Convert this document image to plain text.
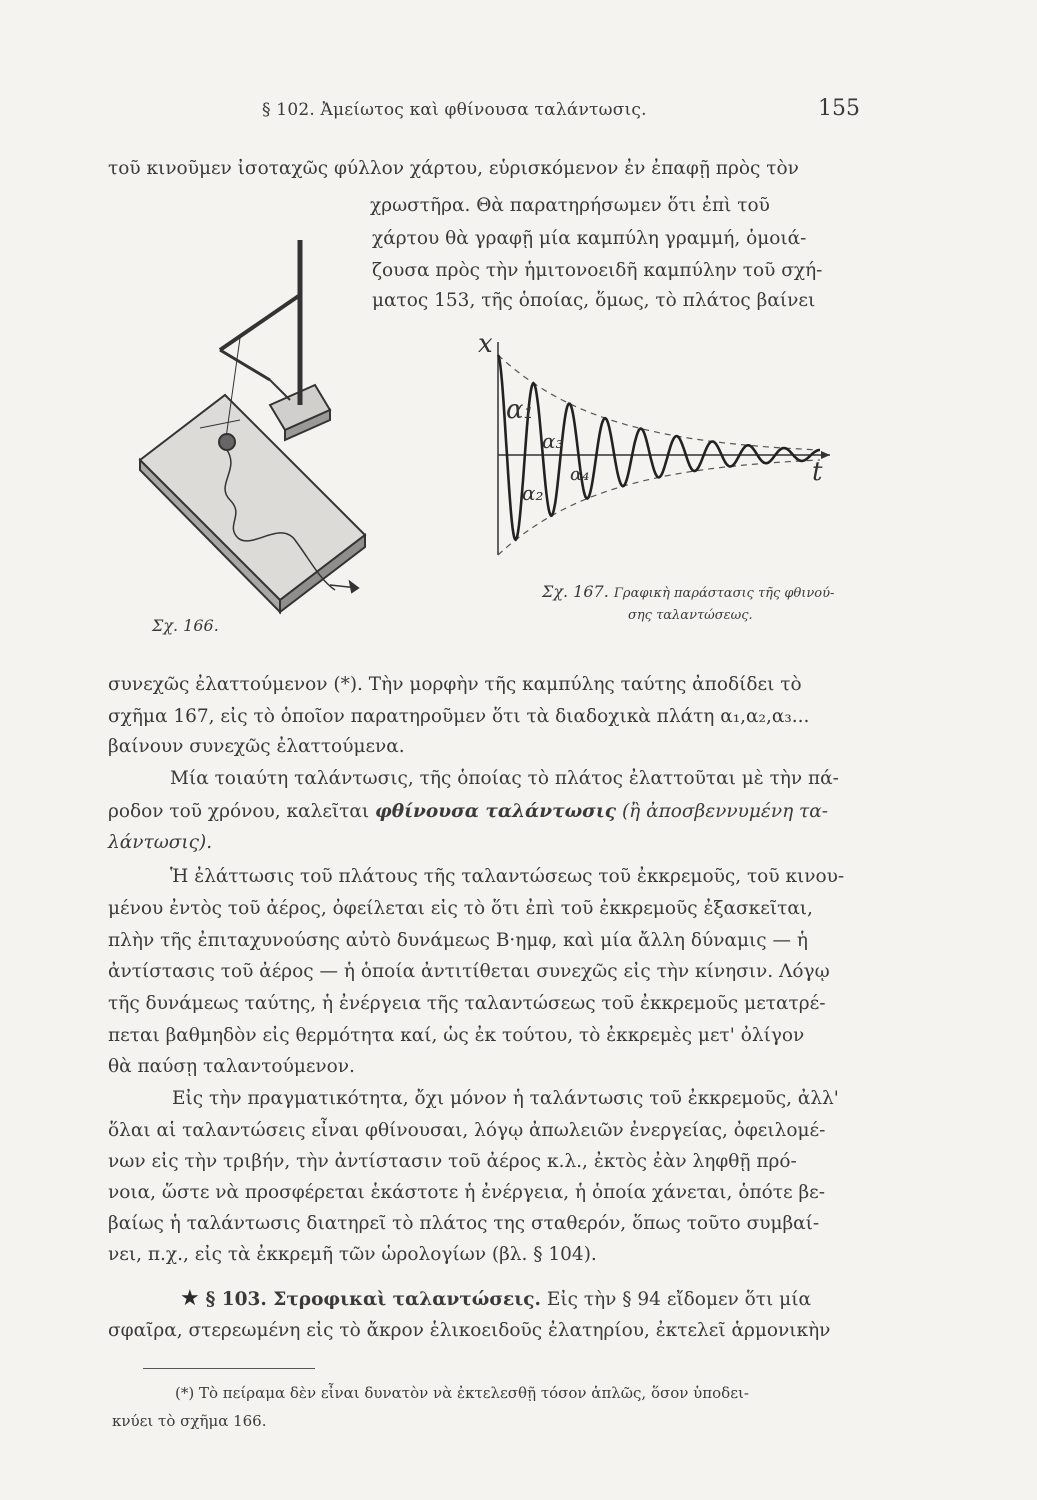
§ 102. Ἀμείωτος καὶ φθίνουσα ταλάντωσις.	155
τοῦ κινοῦμεν ἰσοταχῶς φύλλον χάρτου, εὑρισκόμενον ἐν ἐπαφῇ πρὸς τὸν
χρωστῆρα. Θὰ παρατηρήσωμεν ὅτι ἐπὶ τοῦ
χάρτου θὰ γραφῇ μία καμπύλη γραμμή, ὁμοιά-
ζουσα πρὸς τὴν ἡμιτονοειδῆ καμπύλην τοῦ σχή-
ματος 153, τῆς ὁποίας, ὅμως, τὸ πλάτος βαίνει
x
t
α₁
α₂
α₃
α₄
Σχ. 166.
Σχ. 167. Γραφικὴ παράστασις τῆς φθινού-
σης ταλαντώσεως.
συνεχῶς ἐλαττούμενον (*). Τὴν μορφὴν τῆς καμπύλης ταύτης ἀποδίδει τὸ
σχῆμα 167, εἰς τὸ ὁποῖον παρατηροῦμεν ὅτι τὰ διαδοχικὰ πλάτη α₁,α₂,α₃...
βαίνουν συνεχῶς ἐλαττούμενα.
Μία τοιαύτη ταλάντωσις, τῆς ὁποίας τὸ πλάτος ἐλαττοῦται μὲ τὴν πά-
ροδον τοῦ χρόνου, καλεῖται φθίνουσα ταλάντωσις (ἢ ἀποσβεννυμένη τα-
λάντωσις).
Ἡ ἐλάττωσις τοῦ πλάτους τῆς ταλαντώσεως τοῦ ἐκκρεμοῦς, τοῦ κινου-
μένου ἐντὸς τοῦ ἀέρος, ὀφείλεται εἰς τὸ ὅτι ἐπὶ τοῦ ἐκκρεμοῦς ἐξασκεῖται,
πλὴν τῆς ἐπιταχυνούσης αὐτὸ δυνάμεως Β·ημφ, καὶ μία ἄλλη δύναμις — ἡ
ἀντίστασις τοῦ ἀέρος — ἡ ὁποία ἀντιτίθεται συνεχῶς εἰς τὴν κίνησιν. Λόγῳ
τῆς δυνάμεως ταύτης, ἡ ἐνέργεια τῆς ταλαντώσεως τοῦ ἐκκρεμοῦς μετατρέ-
πεται βαθμηδὸν εἰς θερμότητα καί, ὡς ἐκ τούτου, τὸ ἐκκρεμὲς μετ' ὀλίγον
θὰ παύσῃ ταλαντούμενον.
Εἰς τὴν πραγματικότητα, ὄχι μόνον ἡ ταλάντωσις τοῦ ἐκκρεμοῦς, ἀλλ'
ὅλαι αἱ ταλαντώσεις εἶναι φθίνουσαι, λόγῳ ἀπωλειῶν ἐνεργείας, ὀφειλομέ-
νων εἰς τὴν τριβήν, τὴν ἀντίστασιν τοῦ ἀέρος κ.λ., ἐκτὸς ἐὰν ληφθῇ πρό-
νοια, ὥστε νὰ προσφέρεται ἑκάστοτε ἡ ἐνέργεια, ἡ ὁποία χάνεται, ὁπότε βε-
βαίως ἡ ταλάντωσις διατηρεῖ τὸ πλάτος της σταθερόν, ὅπως τοῦτο συμβαί-
νει, π.χ., εἰς τὰ ἐκκρεμῆ τῶν ὡρολογίων (βλ. § 104).
★ § 103. Στροφικαὶ ταλαντώσεις. Εἰς τὴν § 94 εἴδομεν ὅτι μία
σφαῖρα, στερεωμένη εἰς τὸ ἄκρον ἑλικοειδοῦς ἐλατηρίου, ἐκτελεῖ ἁρμονικὴν
(*) Τὸ πείραμα δὲν εἶναι δυνατὸν νὰ ἐκτελεσθῇ τόσον ἁπλῶς, ὅσον ὑποδει-
κνύει τὸ σχῆμα 166.
